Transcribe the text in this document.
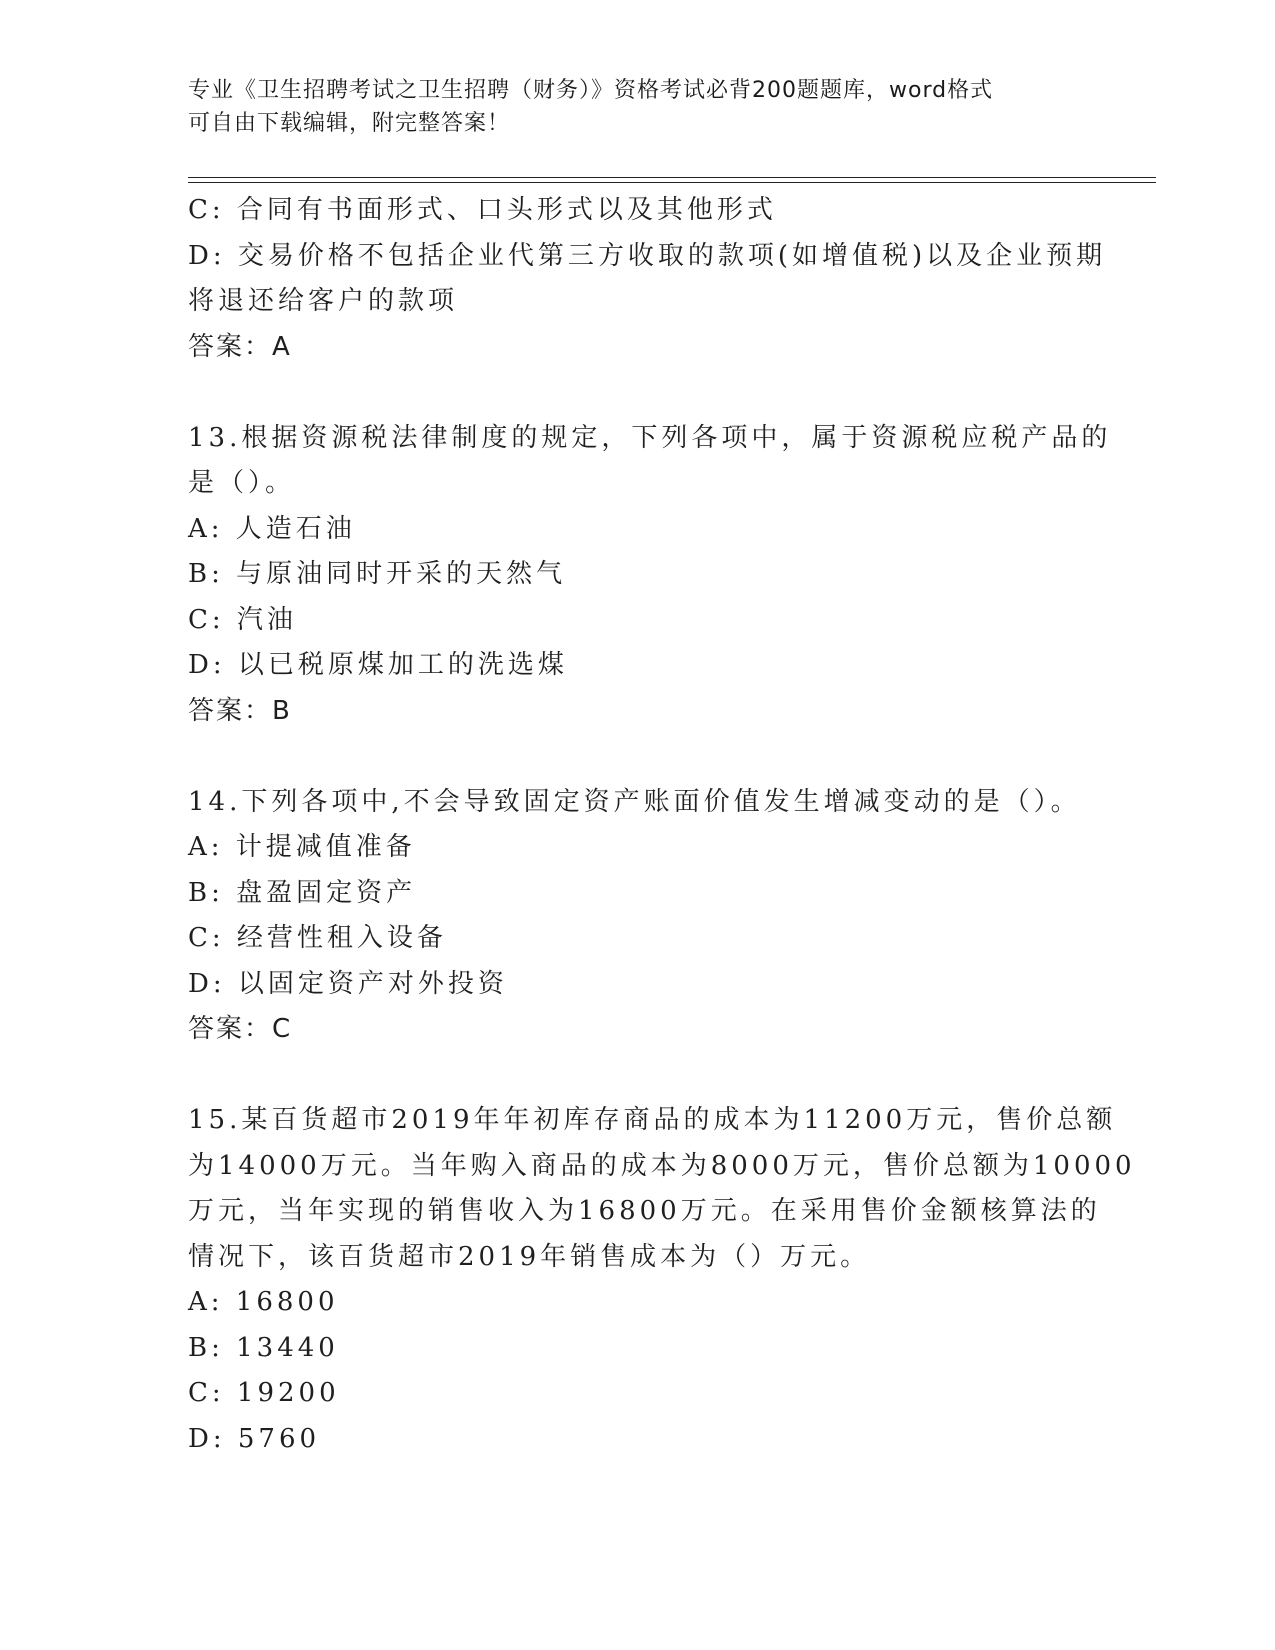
专业《卫生招聘考试之卫生招聘（财务）》资格考试必背200题题库，word格式
可自由下载编辑，附完整答案！
C: 合同有书面形式、口头形式以及其他形式
D: 交易价格不包括企业代第三方收取的款项(如增值税)以及企业预期
将退还给客户的款项
答案：A
13.根据资源税法律制度的规定，下列各项中，属于资源税应税产品的
是（）。
A: 人造石油
B: 与原油同时开采的天然气
C: 汽油
D: 以已税原煤加工的洗选煤
答案：B
14.下列各项中,不会导致固定资产账面价值发生增减变动的是（）。
A: 计提减值准备
B: 盘盈固定资产
C: 经营性租入设备
D: 以固定资产对外投资
答案：C
15.某百货超市2019年年初库存商品的成本为11200万元，售价总额
为14000万元。当年购入商品的成本为8000万元，售价总额为10000
万元，当年实现的销售收入为16800万元。在采用售价金额核算法的
情况下，该百货超市2019年销售成本为（）万元。
A: 16800
B: 13440
C: 19200
D: 5760
